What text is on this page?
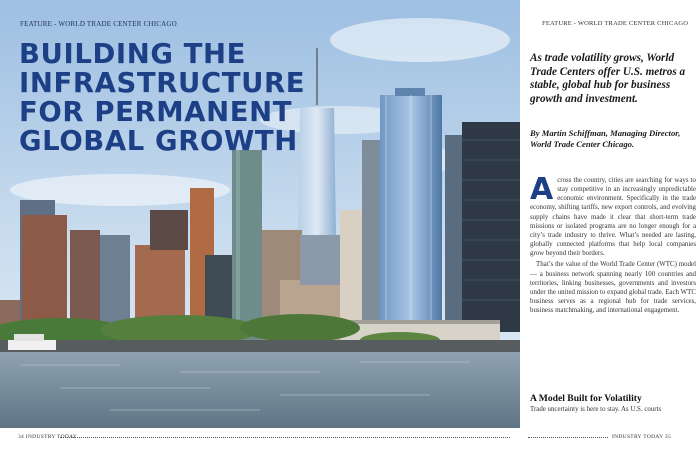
FEATURE - WORLD TRADE CENTER CHICAGO
BUILDING THE
INFRASTRUCTURE
FOR PERMANENT
GLOBAL GROWTH
FEATURE - WORLD TRADE CENTER CHICAGO

As trade volatility grows, World Trade Centers offer U.S. metros a stable, global hub for business growth and investment.

By Martin Schiffman, Managing Director, World Trade Center Chicago.

Across the country, cities are searching for ways to stay competitive in an increasingly unpredictable economic environment. Specifically in the trade economy, shifting tariffs, new export controls, and evolving supply chains have made it clear that short-term trade missions or isolated programs are no longer enough for a city’s trade industry to thrive. What’s needed are lasting, globally connected platforms that help local companies grow beyond their borders.

That’s the value of the World Trade Center (WTC) model — a business network spanning nearly 100 countries and territories, linking businesses, governments and investors under the united mission to expand global trade. Each WTC business serves as a regional hub for trade services, business matchmaking, and international engagement.

A Model Built for Volatility

Trade uncertainty is here to stay. As U.S. courts

34 INDUSTRY TODAY	INDUSTRY TODAY 35
